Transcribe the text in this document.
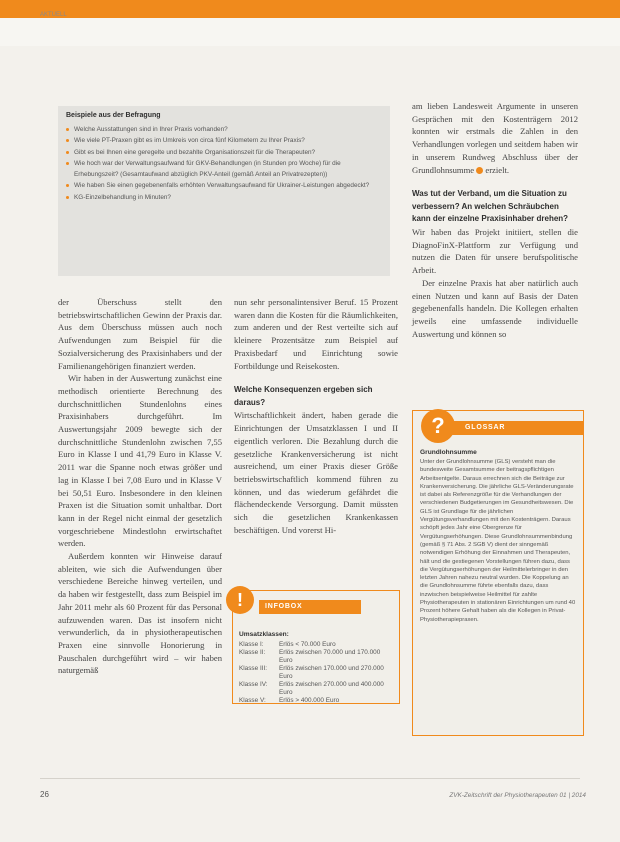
AKTUELL
Beispiele aus der Befragung
Welche Ausstattungen sind in Ihrer Praxis vorhanden?
Wie viele PT-Praxen gibt es im Umkreis von circa fünf Kilometern zu Ihrer Praxis?
Gibt es bei Ihnen eine geregelte und bezahlte Organisationszeit für die Therapeuten?
Wie hoch war der Verwaltungsaufwand für GKV-Behandlungen (in Stunden pro Woche) für die Erhebungszeit? (Gesamtaufwand abzüglich PKV-Anteil (gemäß Anteil an Privatrezepten))
Wie haben Sie einen gegebenenfalls erhöhten Verwaltungsaufwand für Ukrainer-Leistungen abgedeckt?
KG-Einzelbehandlung in Minuten?

der Überschuss stellt den betriebswirtschaftlichen Gewinn der Praxis dar. Aus dem Überschuss müssen auch noch Aufwendungen zum Beispiel für die Sozialversicherung des Praxisinhabers und der Familienangehörigen finanziert werden.

Wir haben in der Auswertung zunächst eine methodisch orientierte Berechnung des durchschnittlichen Stundenlohns eines Praxisinhabers durchgeführt. Im Auswertungsjahr 2009 bewegte sich der durchschnittliche Stundenlohn zwischen 7,55 Euro in Klasse I und 41,79 Euro in Klasse V. 2011 war die Spanne noch etwas größer und lag in Klasse I bei 7,08 Euro und in Klasse V bei 50,51 Euro. Insbesondere in den kleinen Praxen ist die Situation somit unhaltbar. Dort kann in der Regel nicht einmal der gesetzlich vorgeschriebene Mindestlohn erwirtschaftet werden.

Außerdem konnten wir Hinweise darauf ableiten, wie sich die Aufwendungen über verschiedene Bereiche hinweg verteilen, und da haben wir festgestellt, dass zum Beispiel im Jahr 2011 mehr als 60 Prozent für das Personal aufzuwenden waren. Das ist insofern nicht verwunderlich, da in physiotherapeutischen Praxen eine sinnvolle Honorierung in Pauschalen durchgeführt wird – wir haben naturgemäß

nun sehr personalintensiver Beruf. 15 Prozent waren dann die Kosten für die Räumlichkeiten, zum anderen und der Rest verteilte sich auf kleinere Prozentsätze zum Beispiel auf Praxisbedarf und Einrichtung sowie Fortbildunge und Reisekosten.

Welche Konsequenzen ergeben sich daraus?

Wirtschaftlichkeit ändert, haben gerade die Einrichtungen der Umsatzklassen I und II eigentlich verloren. Die Bezahlung durch die gesetzliche Krankenversicherung ist nicht ausreichend, um einer Praxis dieser Größe betriebswirtschaftlich kommend führen zu können, und das wiederum gefährdet die flächendeckende Versorgung. Damit müssten sich die gesetzlichen Krankenkassen beschäftigen. Und vorerst Hi-

am lieben Landesweit Argumente in unseren Gesprächen mit den Kostenträgern 2012 konnten wir erstmals die Zahlen in den Verhandlungen vorlegen und seitdem haben wir in unserem Rundweg Abschluss über der Grundlohnsumme erzielt.

Was tut der Verband, um die Situation zu verbessern? An welchen Schräubchen kann der einzelne Praxisinhaber drehen?

Wir haben das Projekt initiiert, stellen die DiagnoFinX-Plattform zur Verfügung und nutzen die Daten für unsere berufspolitische Arbeit.

Der einzelne Praxis hat aber natürlich auch einen Nutzen und kann auf Basis der Daten gegebenenfalls handeln. Die Kollegen erhalten jeweils eine umfassende individuelle Auswertung und können so

!	INFOBOX
Umsatzklassen:
Klasse I:	Erlös < 70.000 Euro
Klasse II:	Erlös zwischen 70.000 und 170.000 Euro
Klasse III:	Erlös zwischen 170.000 und 270.000 Euro
Klasse IV:	Erlös zwischen 270.000 und 400.000 Euro
Klasse V:	Erlös > 400.000 Euro
GLOSSAR
?
Grundlohnsumme

Unter der Grundlohnsumme (GLS) versteht man die bundesweite Gesamtsumme der beitragspflichtigen Arbeitsentgelte. Daraus errechnen sich die Beiträge zur Krankenversicherung. Die jährliche GLS-Veränderungsrate ist dabei als Referenzgröße für die Verhandlungen der verschiedenen Budgetierungen im Gesundheitswesen. Die GLS ist Grundlage für die jährlichen Vergütungsverhandlungen mit den Kostenträgern. Daraus schöpft jedes Jahr eine Obergrenze für Vergütungserhöhungen. Diese Grundlohnsummenbindung (gemäß § 71 Abs. 2 SGB V) dient der sinngemäß notwendigen Erhöhung der Einnahmen und Therapeuten, hält und die gestiegenen Vorstellungen führen dazu, dass die Vergütungserhöhungen der Heilmittelerbringer in den letzten Jahren nahezu neutral wurden. Die Koppelung an die Grundlohnsumme führte ebenfalls dazu, dass inzwischen beispielweise Heilmittel für zahlte Physiotherapeuten in stationären Einrichtungen um rund 40 Prozent höhere Gehalt haben als die Kollegen in Privat-Physiotherapiepraxen.

26	ZVK-Zeitschrift der Physiotherapeuten 01 | 2014
